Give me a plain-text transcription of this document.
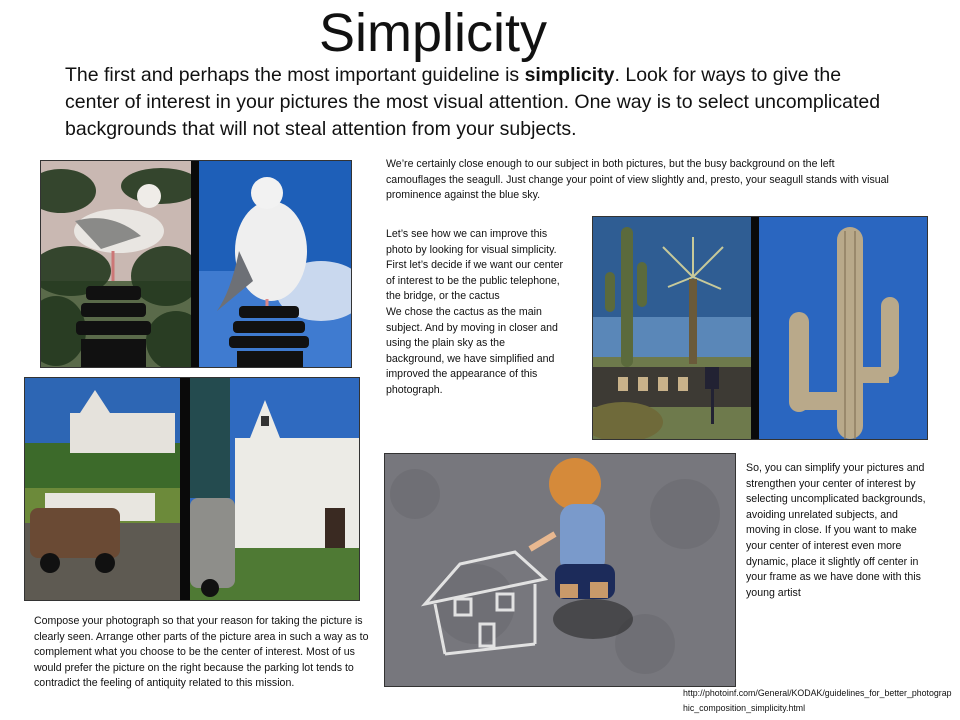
Simplicity
The first and perhaps the most important guideline is simplicity. Look for ways to give the center of interest in your pictures the most visual attention. One way is to select uncomplicated backgrounds that will not steal attention from your subjects.
We’re certainly close enough to our subject in both pictures, but the busy background on the left camouflages the seagull. Just change your point of view slightly and, presto, your seagull stands with visual prominence against the blue sky.
Let’s see how we can improve this photo by looking for visual simplicity. First let’s decide if we want our center of interest to be the public telephone, the bridge, or the cactus
We chose the cactus as the main subject. And by moving in closer and using the plain sky as the background, we have simplified and improved the appearance of this photograph.
Compose your photograph so that your reason for taking the picture is clearly seen. Arrange other parts of the picture area in such a way as to complement what you choose to be the center of interest. Most of us would prefer the picture on the right because the parking lot tends to contradict the feeling of antiquity related to this mission.
So, you can simplify your pictures and strengthen your center of interest by selecting uncomplicated backgrounds, avoiding unrelated subjects, and moving in close. If you want to make your center of interest even more dynamic, place it slightly off center in your frame as we have done with this young artist
http://photoinf.com/General/KODAK/guidelines_for_better_photographic_composition_simplicity.html
